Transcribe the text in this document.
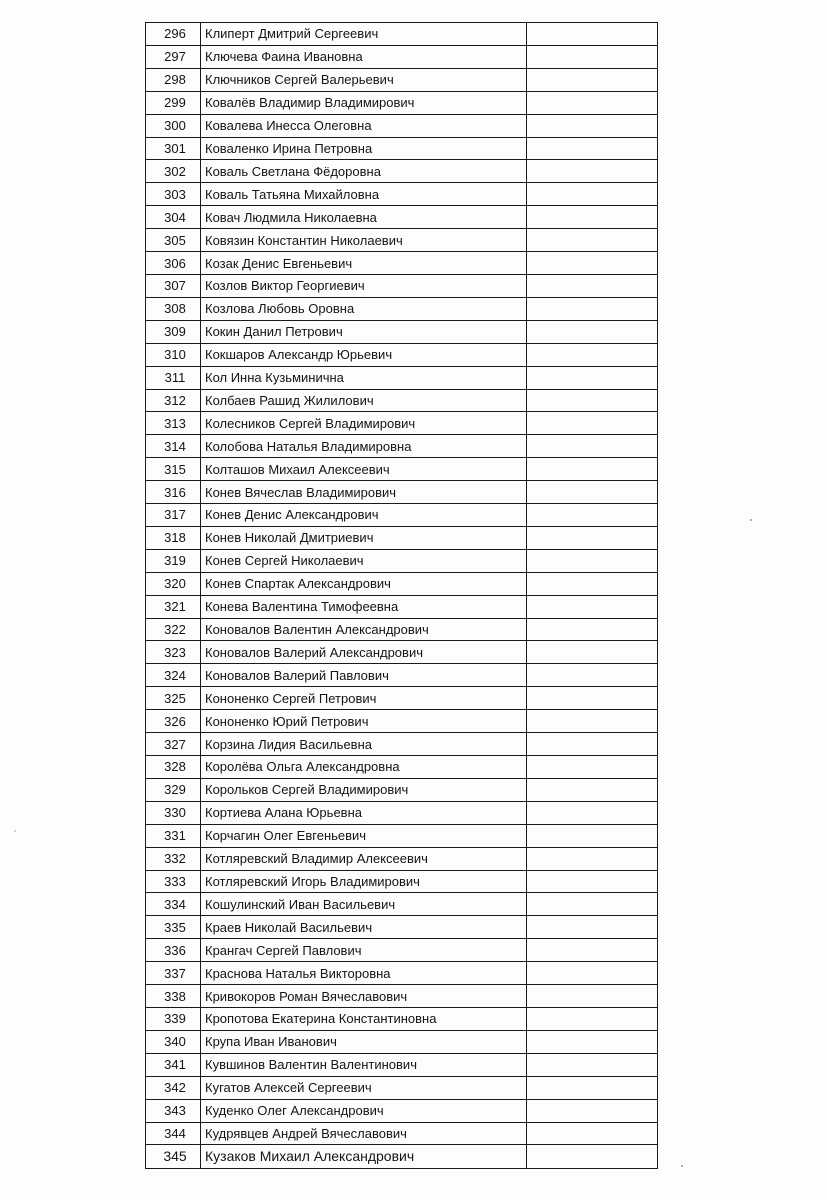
296	Клиперт Дмитрий Сергеевич	
297	Ключева Фаина Ивановна	
298	Ключников Сергей Валерьевич	
299	Ковалёв Владимир Владимирович	
300	Ковалева Инесса Олеговна	
301	Коваленко Ирина Петровна	
302	Коваль Светлана Фёдоровна	
303	Коваль Татьяна Михайловна	
304	Ковач Людмила Николаевна	
305	Ковязин Константин Николаевич	
306	Козак Денис Евгеньевич	
307	Козлов Виктор Георгиевич	
308	Козлова Любовь Оровна	
309	Кокин Данил Петрович	
310	Кокшаров Александр Юрьевич	
311	Кол Инна Кузьминична	
312	Колбаев Рашид Жилилович	
313	Колесников Сергей Владимирович	
314	Колобова Наталья Владимировна	
315	Колташов Михаил Алексеевич	
316	Конев Вячеслав Владимирович	
317	Конев Денис Александрович	
318	Конев Николай Дмитриевич	
319	Конев Сергей Николаевич	
320	Конев Спартак Александрович	
321	Конева Валентина Тимофеевна	
322	Коновалов Валентин Александрович	
323	Коновалов Валерий Александрович	
324	Коновалов Валерий Павлович	
325	Кононенко Сергей Петрович	
326	Кононенко Юрий Петрович	
327	Корзина Лидия Васильевна	
328	Королёва Ольга Александровна	
329	Корольков Сергей Владимирович	
330	Кортиева Алана Юрьевна	
331	Корчагин Олег Евгеньевич	
332	Котляревский Владимир Алексеевич	
333	Котляревский Игорь Владимирович	
334	Кошулинский Иван Васильевич	
335	Краев Николай Васильевич	
336	Крангач Сергей Павлович	
337	Краснова Наталья Викторовна	
338	Кривокоров Роман Вячеславович	
339	Кропотова Екатерина Константиновна	
340	Крупа Иван Иванович	
341	Кувшинов Валентин Валентинович	
342	Кугатов Алексей Сергеевич	
343	Куденко Олег Александрович	
344	Кудрявцев Андрей Вячеславович	
345	Кузаков Михаил Александрович	
